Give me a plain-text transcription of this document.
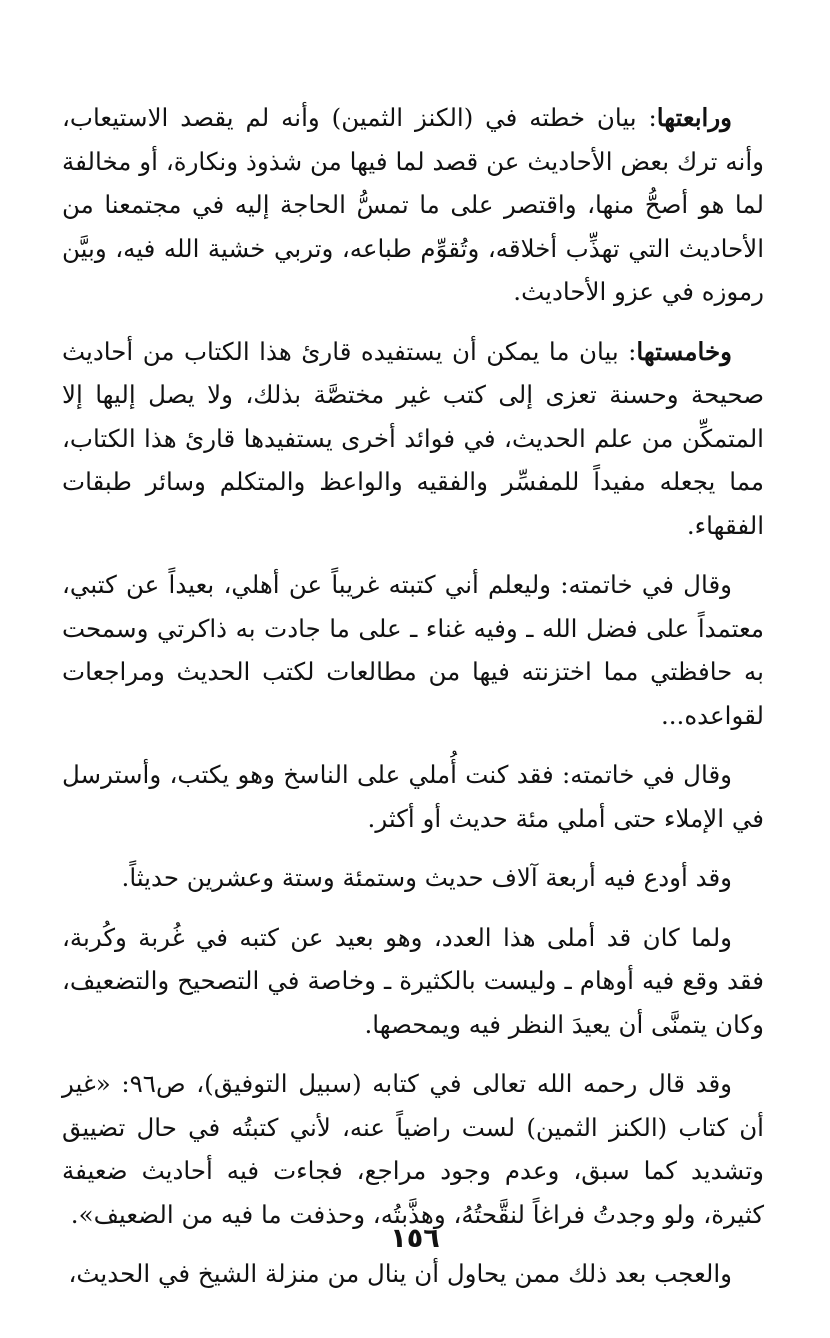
ورابعتها: بيان خطته في (الكنز الثمين) وأنه لم يقصد الاستيعاب، وأنه ترك بعض الأحاديث عن قصد لما فيها من شذوذ ونكارة، أو مخالفة لما هو أصحُّ منها، واقتصر على ما تمسُّ الحاجة إليه في مجتمعنا من الأحاديث التي تهذِّب أخلاقه، وتُقوِّم طباعه، وتربي خشية الله فيه، وبيَّن رموزه في عزو الأحاديث.

وخامستها: بيان ما يمكن أن يستفيده قارئ هذا الكتاب من أحاديث صحيحة وحسنة تعزى إلى كتب غير مختصَّة بذلك، ولا يصل إليها إلا المتمكِّن من علم الحديث، في فوائد أخرى يستفيدها قارئ هذا الكتاب، مما يجعله مفيداً للمفسِّر والفقيه والواعظ والمتكلم وسائر طبقات الفقهاء.

وقال في خاتمته: وليعلم أني كتبته غريباً عن أهلي، بعيداً عن كتبي، معتمداً على فضل الله ـ وفيه غناء ـ على ما جادت به ذاكرتي وسمحت به حافظتي مما اختزنته فيها من مطالعات لكتب الحديث ومراجعات لقواعده...

وقال في خاتمته: فقد كنت أُملي على الناسخ وهو يكتب، وأسترسل في الإملاء حتى أملي مئة حديث أو أكثر.

وقد أودع فيه أربعة آلاف حديث وستمئة وستة وعشرين حديثاً.

ولما كان قد أملى هذا العدد، وهو بعيد عن كتبه في غُربة وكُربة، فقد وقع فيه أوهام ـ وليست بالكثيرة ـ وخاصة في التصحيح والتضعيف، وكان يتمنَّى أن يعيدَ النظر فيه ويمحصها.

وقد قال رحمه الله تعالى في كتابه (سبيل التوفيق)، ص٩٦: «غير أن كتاب (الكنز الثمين) لست راضياً عنه، لأني كتبتُه في حال تضييق وتشديد كما سبق، وعدم وجود مراجع، فجاءت فيه أحاديث ضعيفة كثيرة، ولو وجدتُ فراغاً لنقَّحتُهُ، وهذَّبتُه، وحذفت ما فيه من الضعيف».

والعجب بعد ذلك ممن يحاول أن ينال من منزلة الشيخ في الحديث،

١٥٦
